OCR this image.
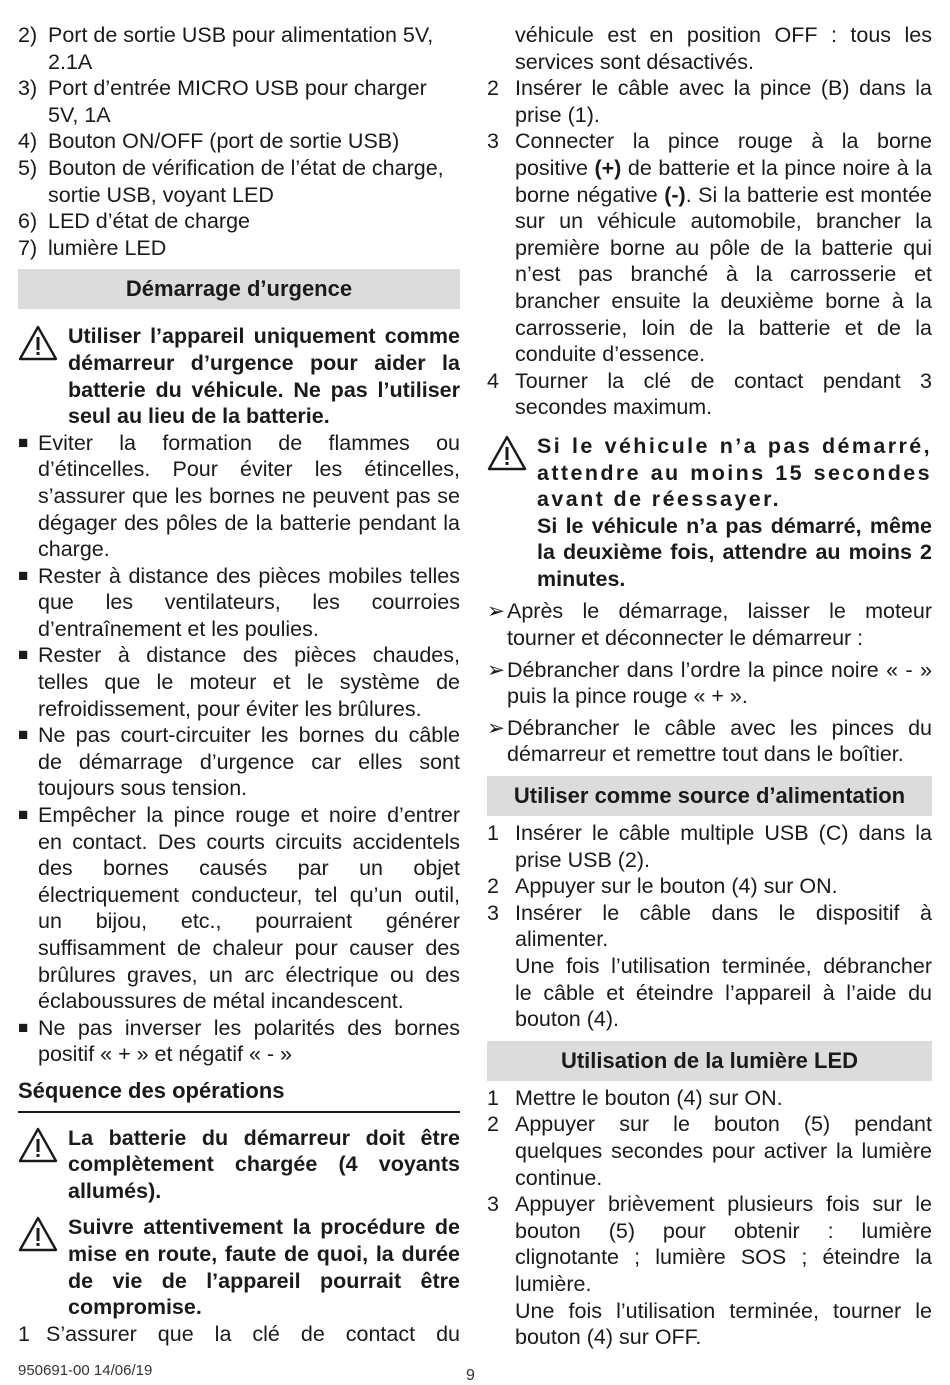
2) Port de sortie USB pour alimentation 5V, 2.1A
3) Port d’entrée MICRO USB pour charger 5V, 1A
4) Bouton ON/OFF (port de sortie USB)
5) Bouton de vérification de l’état de charge, sortie USB, voyant LED
6) LED d’état de charge
7) lumière LED
Démarrage d’urgence
Utiliser l’appareil uniquement comme démarreur d’urgence pour aider la batterie du véhicule. Ne pas l’utiliser seul au lieu de la batterie.
■ Eviter la formation de flammes ou d’étincelles. Pour éviter les étincelles, s’assurer que les bornes ne peuvent pas se dégager des pôles de la batterie pendant la charge.
■ Rester à distance des pièces mobiles telles que les ventilateurs, les courroies d’entraînement et les poulies.
■ Rester à distance des pièces chaudes, telles que le moteur et le système de refroidissement, pour éviter les brûlures.
■ Ne pas court-circuiter les bornes du câble de démarrage d’urgence car elles sont toujours sous tension.
■ Empêcher la pince rouge et noire d’entrer en contact. Des courts circuits accidentels des bornes causés par un objet électriquement conducteur, tel qu’un outil, un bijou, etc., pourraient générer suffisamment de chaleur pour causer des brûlures graves, un arc électrique ou des éclaboussures de métal incandescent.
■ Ne pas inverser les polarités des bornes positif « + » et négatif « - »
Séquence des opérations
La batterie du démarreur doit être complètement chargée (4 voyants allumés).
Suivre attentivement la procédure de mise en route, faute de quoi, la durée de vie de l’appareil pourrait être compromise.
1 S’assurer que la clé de contact du
véhicule est en position OFF : tous les services sont désactivés.
2 Insérer le câble avec la pince (B) dans la prise (1).
3 Connecter la pince rouge à la borne positive (+) de batterie et la pince noire à la borne négative (-). Si la batterie est montée sur un véhicule automobile, brancher la première borne au pôle de la batterie qui n’est pas branché à la carrosserie et brancher ensuite la deuxième borne à la carrosserie, loin de la batterie et de la conduite d’essence.
4 Tourner la clé de contact pendant 3 secondes maximum.
Si le véhicule n’a pas démarré, attendre au moins 15 secondes avant de réessayer.
Si le véhicule n’a pas démarré, même la deuxième fois, attendre au moins 2 minutes.
➢ Après le démarrage, laisser le moteur tourner et déconnecter le démarreur :
➢ Débrancher dans l’ordre la pince noire « - » puis la pince rouge « + ».
➢ Débrancher le câble avec les pinces du démarreur et remettre tout dans le boîtier.
Utiliser comme source d’alimentation
1 Insérer le câble multiple USB (C) dans la prise USB (2).
2 Appuyer sur le bouton (4) sur ON.
3 Insérer le câble dans le dispositif à alimenter.
Une fois l’utilisation terminée, débrancher le câble et éteindre l’appareil à l’aide du bouton (4).
Utilisation de la lumière LED
1 Mettre le bouton (4) sur ON.
2 Appuyer sur le bouton (5) pendant quelques secondes pour activer la lumière continue.
3 Appuyer brièvement plusieurs fois sur le bouton (5) pour obtenir : lumière clignotante ; lumière SOS ; éteindre la lumière.
Une fois l’utilisation terminée, tourner le bouton (4) sur OFF.
950691-00 14/06/19	9
